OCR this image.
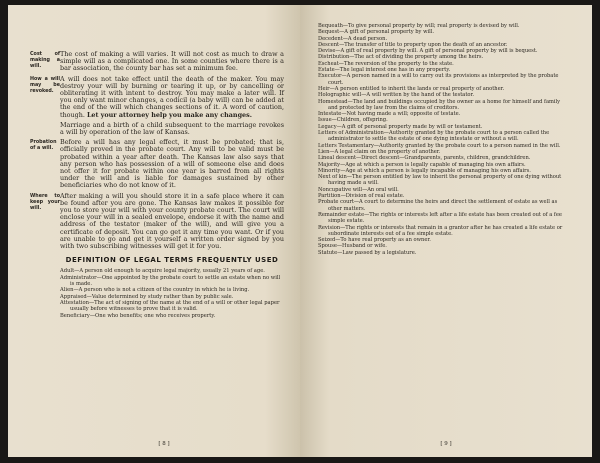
Cost of making a will.
The cost of making a will varies. It will not cost as much to draw a simple will as a complicated one. In some counties where there is a bar association, the county bar has set a minimum fee.
How a will may be revoked.
A will does not take effect until the death of the maker. You may destroy your will by burning or tearing it up, or by cancelling or obliterating it with intent to destroy. You may make a later will. If you only want minor changes, a codicil (a baby will) can be added at the end of the will which changes sections of it. A word of caution, though. Let your attorney help you make any changes.
Marriage and a birth of a child subsequent to the marriage revokes a will by operation of the law of Kansas.
Probation of a will.
Before a will has any legal effect, it must be probated; that is, officially proved in the probate court. Any will to be valid must be probated within a year after death. The Kansas law also says that any person who has possession of a will of someone else and does not offer it for probate within one year is barred from all rights under the will and is liable for damages sustained by other beneficiaries who do not know of it.
Where to keep your will.
After making a will you should store it in a safe place where it can be found after you are gone. The Kansas law makes it possible for you to store your will with your county probate court. The court will enclose your will in a sealed envelope, endorse it with the name and address of the testator (maker of the will), and will give you a certificate of deposit. You can go get it any time you want. Or if you are unable to go and get it yourself a written order signed by you with two subscribing witnesses will get it for you.
DEFINITION OF LEGAL TERMS FREQUENTLY USED
Adult—A person old enough to acquire legal majority, usually 21 years of age.
Administrator—One appointed by the probate court to settle an estate when no will is made.
Alien—A person who is not a citizen of the country in which he is living.
Appraised—Value determined by study rather than by public sale.
Attestation—The act of signing of the name at the end of a will or other legal paper usually before witnesses to prove that it is valid.
Beneficiary—One who benefits; one who receives property.
[ 8 ]
Bequeath—To give personal property by will; real property is devised by will.
Bequest—A gift of personal property by will.
Decedent—A dead person.
Descent—The transfer of title to property upon the death of an ancestor.
Devise—A gift of real property by will. A gift of personal property by will is bequest.
Distribution—The act of dividing the property among the heirs.
Escheat—The reversion of the property to the state.
Estate—The legal interest one has in any property.
Executor—A person named in a will to carry out its provisions as interpreted by the probate court.
Heir—A person entitled to inherit the lands or real property of another.
Holographic will—A will written by the hand of the testator.
Homestead—The land and buildings occupied by the owner as a home for himself and family and protected by law from the claims of creditors.
Intestate—Not having made a will; opposite of testate.
Issue—Children, offspring.
Legacy—A gift of personal property made by will or testament.
Letters of Administration—Authority granted by the probate court to a person called the administrator to settle the estate of one dying intestate or without a will.
Letters Testamentary—Authority granted by the probate court to a person named in the will.
Lien—A legal claim on the property of another.
Lineal descent—Direct descent—Grandparents, parents, children, grandchildren.
Majority—Age at which a person is legally capable of managing his own affairs.
Minority—Age at which a person is legally incapable of managing his own affairs.
Next of kin—The person entitled by law to inherit the personal property of one dying without having made a will.
Noncupative will—An oral will.
Partition—Division of real estate.
Probate court—A court to determine the heirs and direct the settlement of estate as well as other matters.
Remainder estate—The rights or interests left after a life estate has been created out of a fee simple estate.
Revision—The rights or interests that remain in a grantor after he has created a life estate or subordinate interests out of a fee simple estate.
Seized—To have real property as an owner.
Spouse—Husband or wife.
Statute—Law passed by a legislature.
[ 9 ]
